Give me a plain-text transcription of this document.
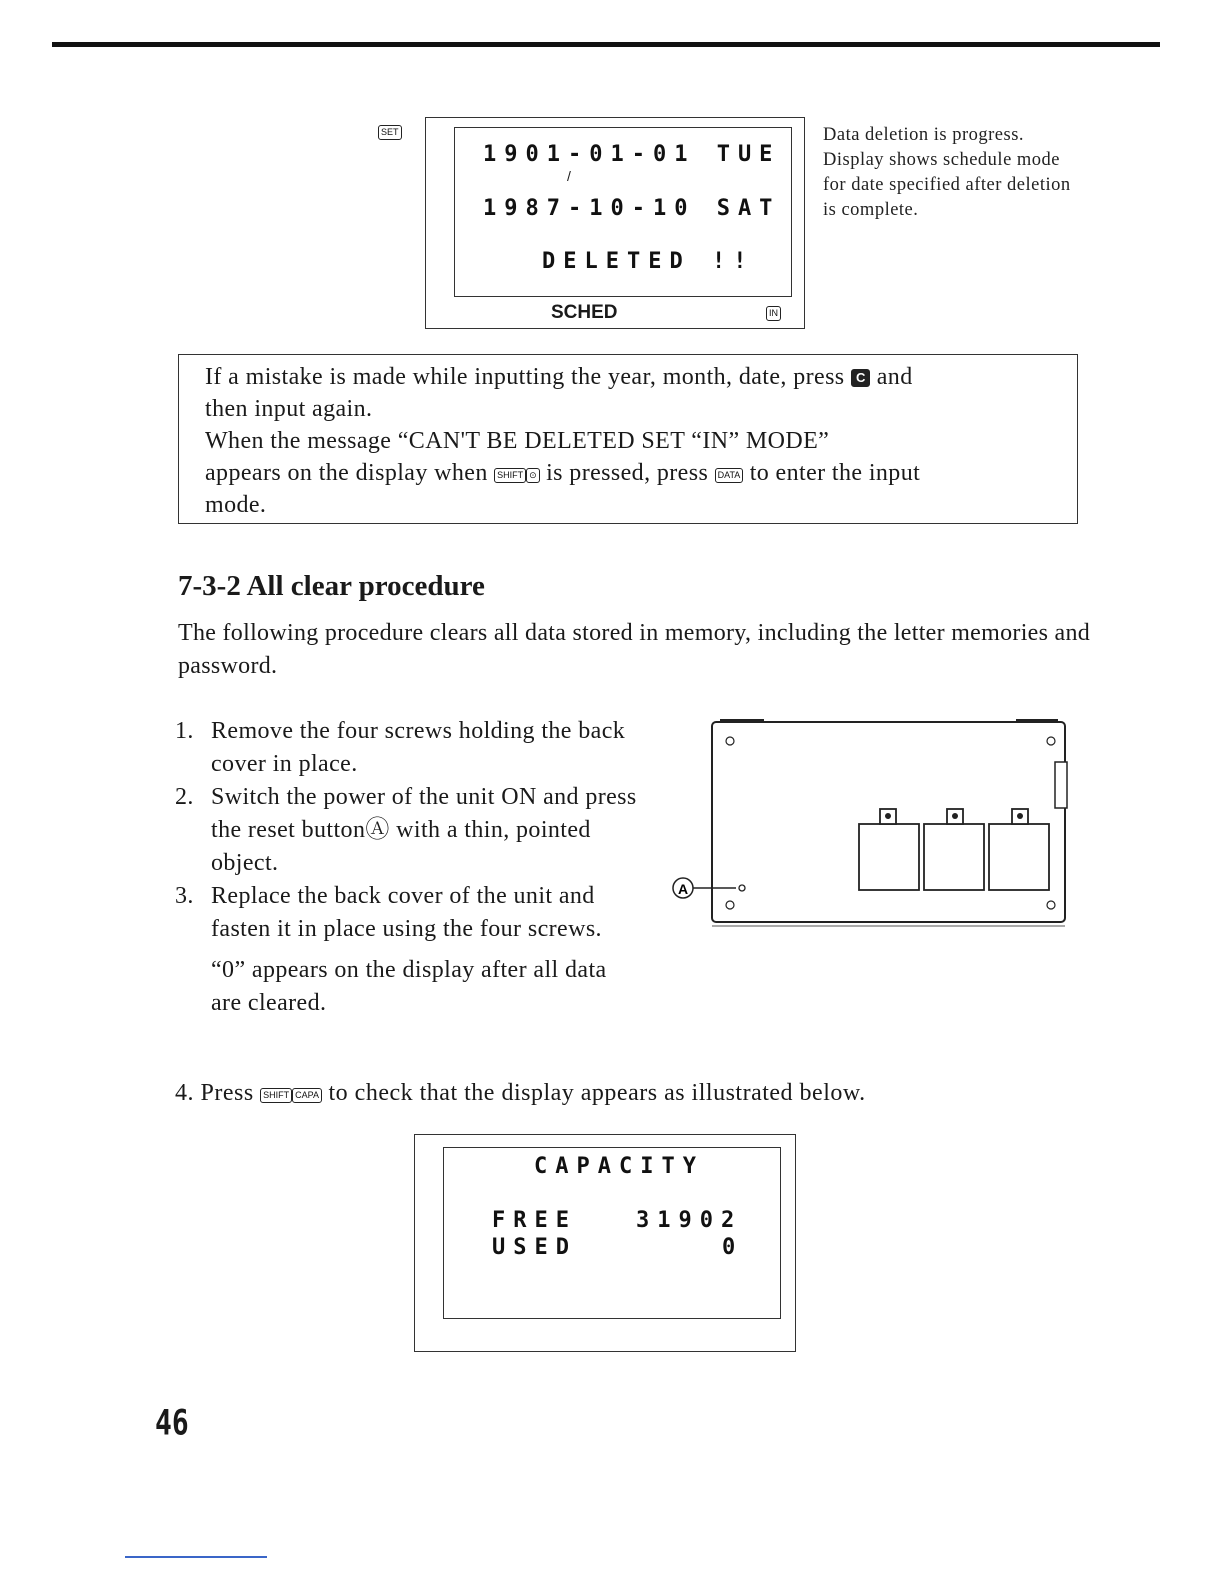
SET
1901-01-01 TUE
/
1987-10-10 SAT
DELETED !!
SCHED	IN

Data deletion is progress.

Display shows schedule mode for date specified after deletion is complete.

If a mistake is made while inputting the year, month, date, press C and

then input again.

When the message “CAN'T BE DELETED SET “IN” MODE”

appears on the display when SHIFT ⊙ is pressed, press DATA to enter the input

mode.

7-3-2 All clear procedure

The following procedure clears all data stored in memory, including the letter memories and password.

1. Remove the four screws holding the back cover in place.

2. Switch the power of the unit ON and press the reset buttonⒶ with a thin, pointed object.

3. Replace the back cover of the unit and fasten it in place using the four screws.

“0” appears on the display after all data are cleared.

A
4. Press SHIFT CAPA to check that the display appears as illustrated below.
CAPACITY
FREE	31902
USED	0
46
